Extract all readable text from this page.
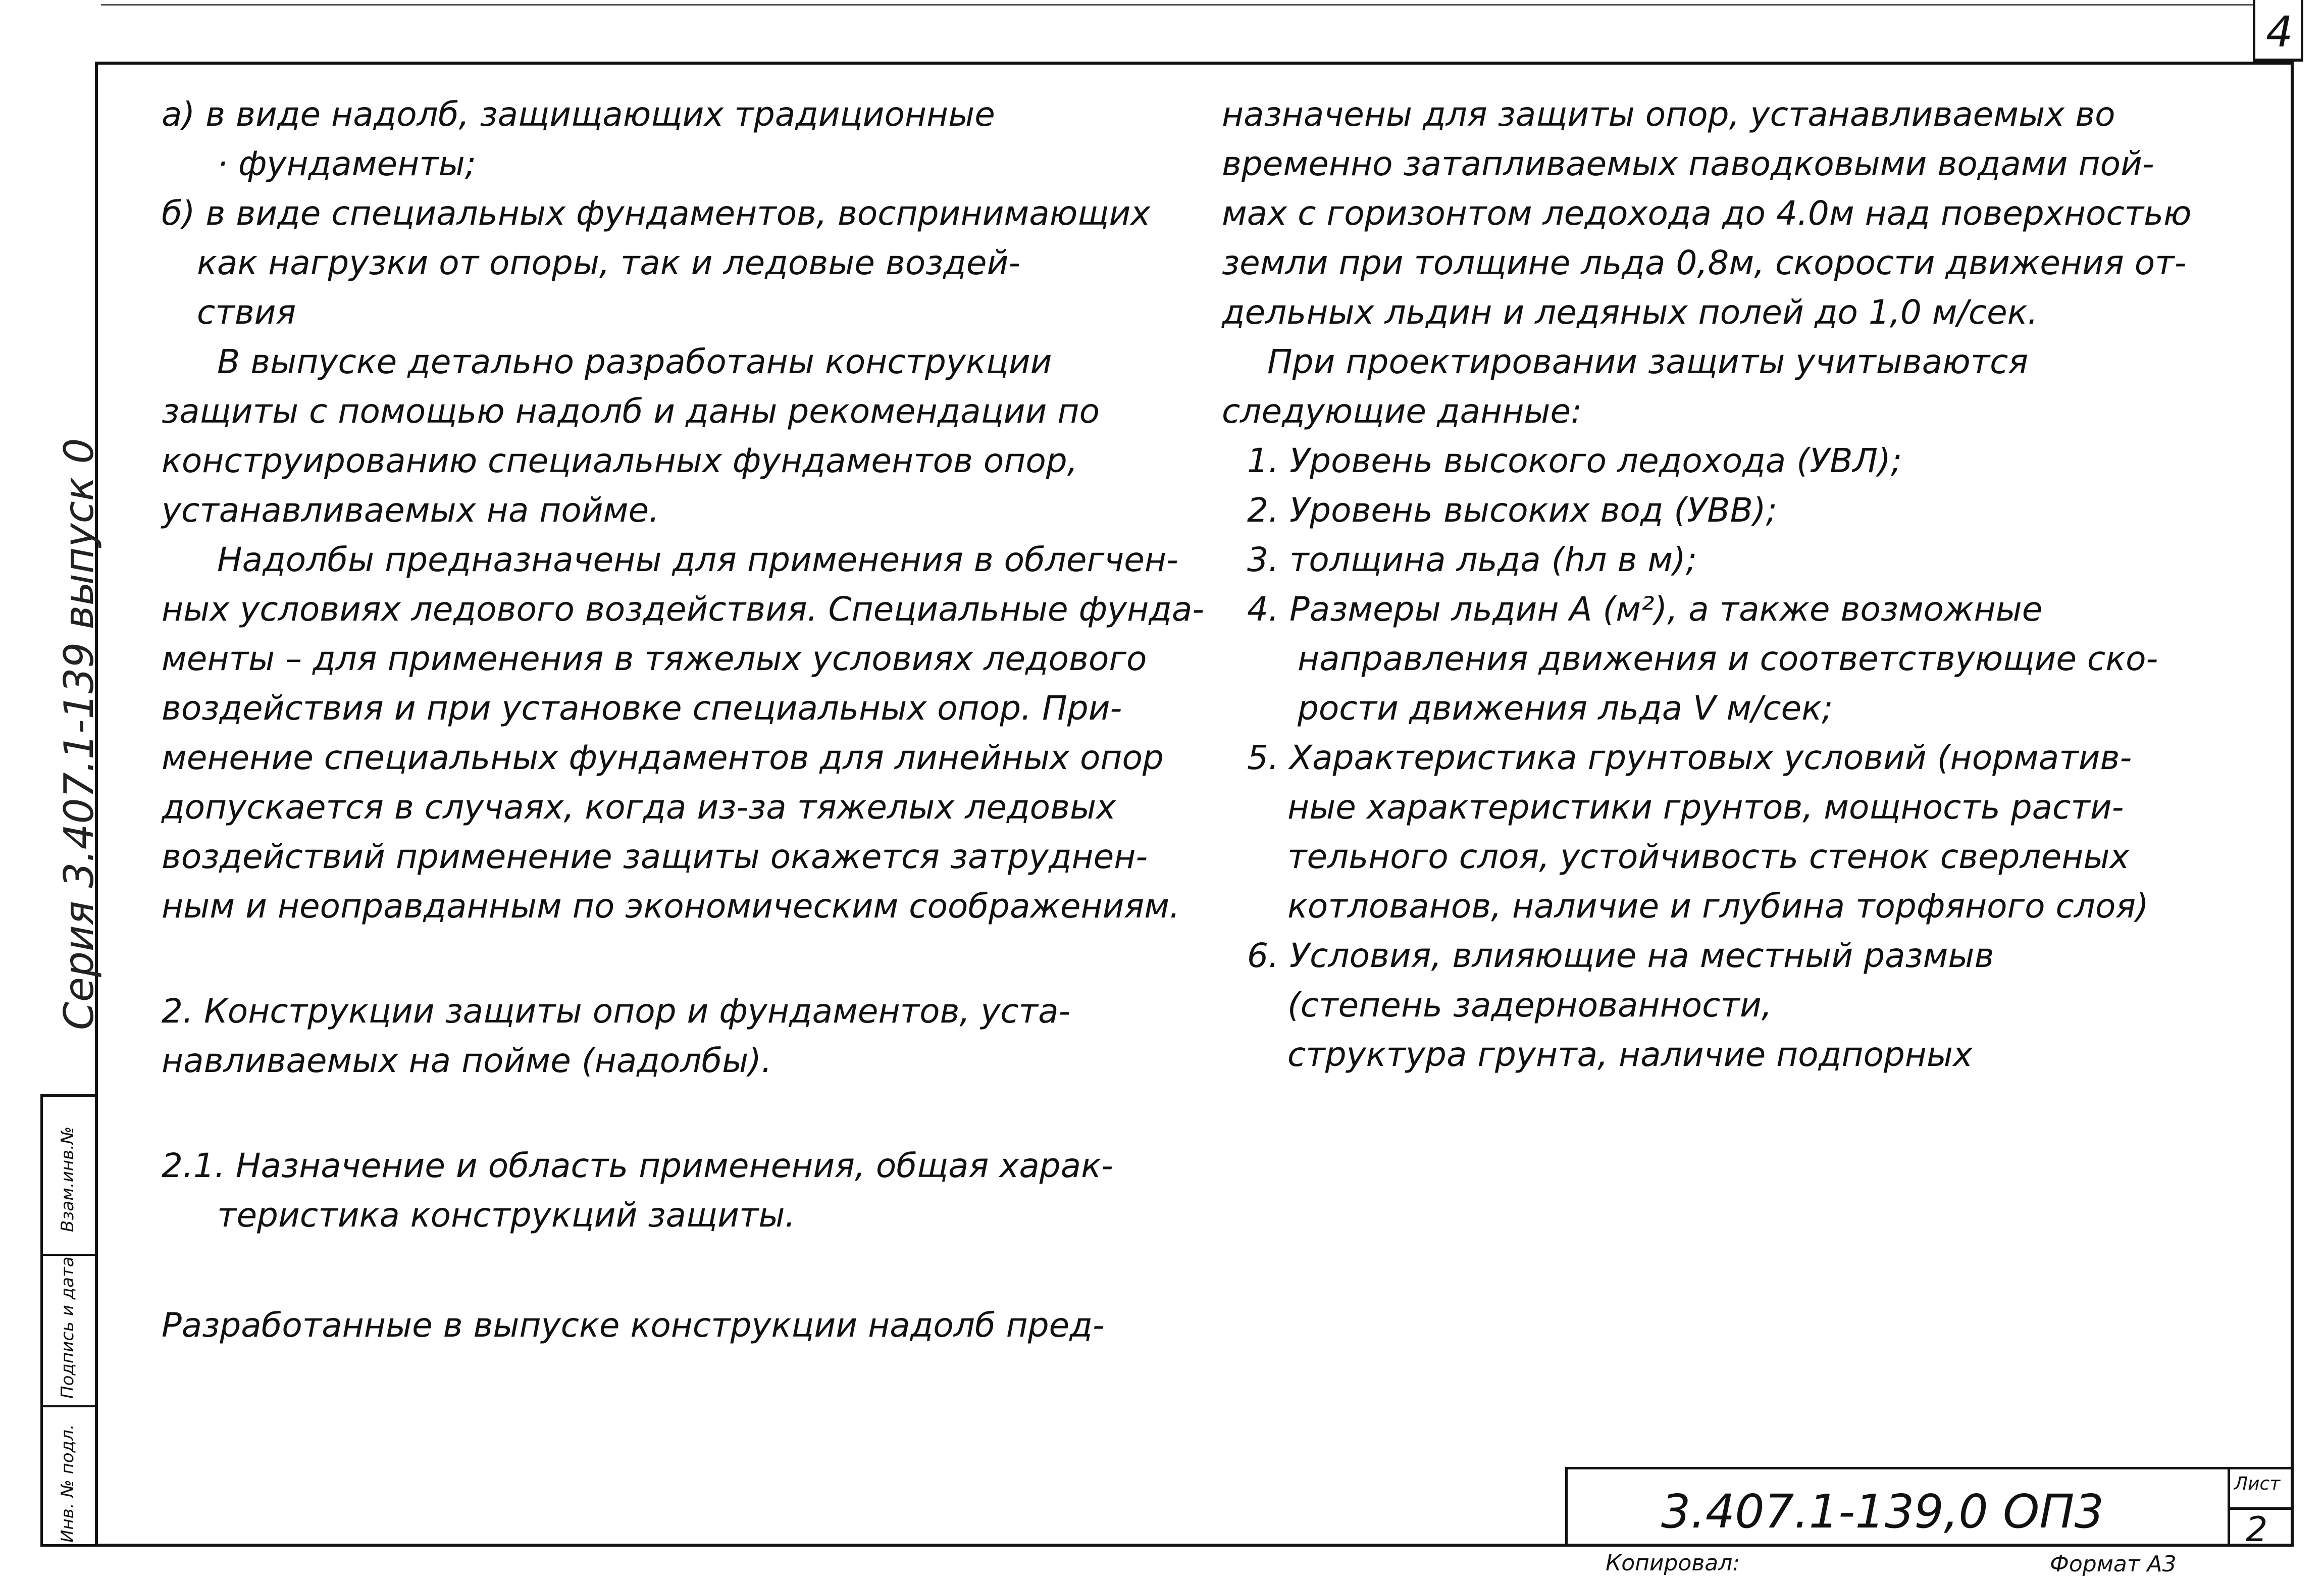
4
Серия 3.407.1-139 выпуск 0
Взам.инв.№
Подпись и дата
Инв. № подл.

а) в виде надолб, защищающих традиционные

· фундаменты;

б) в виде специальных фундаментов, воспринимающих

как нагрузки от опоры, так и ледовые воздей-

ствия

В выпуске детально разработаны конструкции

защиты с помощью надолб и даны рекомендации по

конструированию специальных фундаментов опор,

устанавливаемых на пойме.

Надолбы предназначены для применения в облегчен-

ных условиях ледового воздействия. Специальные фунда-

менты – для применения в тяжелых условиях ледового

воздействия и при установке специальных опор. При-

менение специальных фундаментов для линейных опор

допускается в случаях, когда из-за тяжелых ледовых

воздействий применение защиты окажется затруднен-

ным и неоправданным по экономическим соображениям.

2. Конструкции защиты опор и фундаментов, уста-

навливаемых на пойме (надолбы).

2.1. Назначение и область применения, общая харак-

теристика конструкций защиты.

Разработанные в выпуске конструкции надолб пред-

назначены для защиты опор, устанавливаемых во

временно затапливаемых паводковыми водами пой-

мах с горизонтом ледохода до 4.0м над поверхностью

земли при толщине льда 0,8м, скорости движения от-

дельных льдин и ледяных полей до 1,0 м/сек.

При проектировании защиты учитываются

следующие данные:

1. Уровень высокого ледохода (УВЛ);

2. Уровень высоких вод (УВВ);

3. толщина льда (hл в м);

4. Размеры льдин А (м²), а также возможные

направления движения и соответствующие ско-

рости движения льда V м/сек;

5. Характеристика грунтовых условий (норматив-

ные характеристики грунтов, мощность расти-

тельного слоя, устойчивость стенок сверленых

котлованов, наличие и глубина торфяного слоя)

6. Условия, влияющие на местный размыв

(степень задернованности,

структура грунта, наличие подпорных

3.407.1-139,0 ОП3
Лист
2
Копировал:	Формат А3
